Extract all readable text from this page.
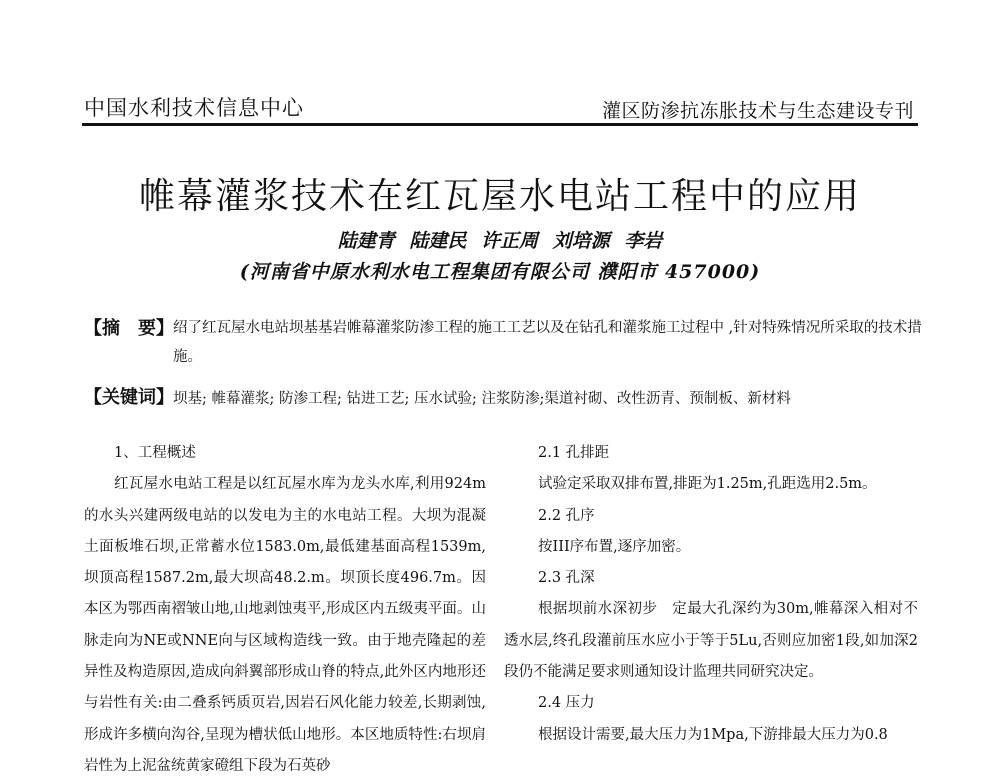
中国水利技术信息中心	灌区防渗抗冻胀技术与生态建设专刊
帷幕灌浆技术在红瓦屋水电站工程中的应用
陆建青 陆建民 许正周 刘培源 李岩
(河南省中原水利水电工程集团有限公司 濮阳市 457000)
【摘　要】 绍了红瓦屋水电站坝基基岩帷幕灌浆防渗工程的施工工艺以及在钻孔和灌浆施工过程中 ,针对特殊情况所采取的技术措施。
【关键词】 坝基; 帷幕灌浆; 防渗工程; 钻进工艺; 压水试验; 注浆防渗;渠道衬砌、改性沥青、预制板、新材料

1、工程概述

红瓦屋水电站工程是以红瓦屋水库为龙头水库,利用924m的水头兴建两级电站的以发电为主的水电站工程。大坝为混凝土面板堆石坝,正常蓄水位1583.0m,最低建基面高程1539m,坝顶高程1587.2m,最大坝高48.2.m。坝顶长度496.7m。因本区为鄂西南褶皱山地,山地剥蚀夷平,形成区内五级夷平面。山脉走向为NE或NNE向与区域构造线一致。由于地壳隆起的差异性及构造原因,造成向斜翼部形成山脊的特点,此外区内地形还与岩性有关:由二叠系钙质页岩,因岩石风化能力较差,长期剥蚀,形成许多横向沟谷,呈现为槽状低山地形。本区地质特性:右坝肩岩性为上泥盆统黄家磴组下段为石英砂

2.1 孔排距

试验定采取双排布置,排距为1.25m,孔距选用2.5m。

2.2 孔序

按III序布置,逐序加密。

2.3 孔深

根据坝前水深初步　定最大孔深约为30m,帷幕深入相对不透水层,终孔段灌前压水应小于等于5Lu,否则应加密1段,如加深2段仍不能满足要求则通知设计监理共同研究决定。

2.4 压力

根据设计需要,最大压力为1Mpa,下游排最大压力为0.8
